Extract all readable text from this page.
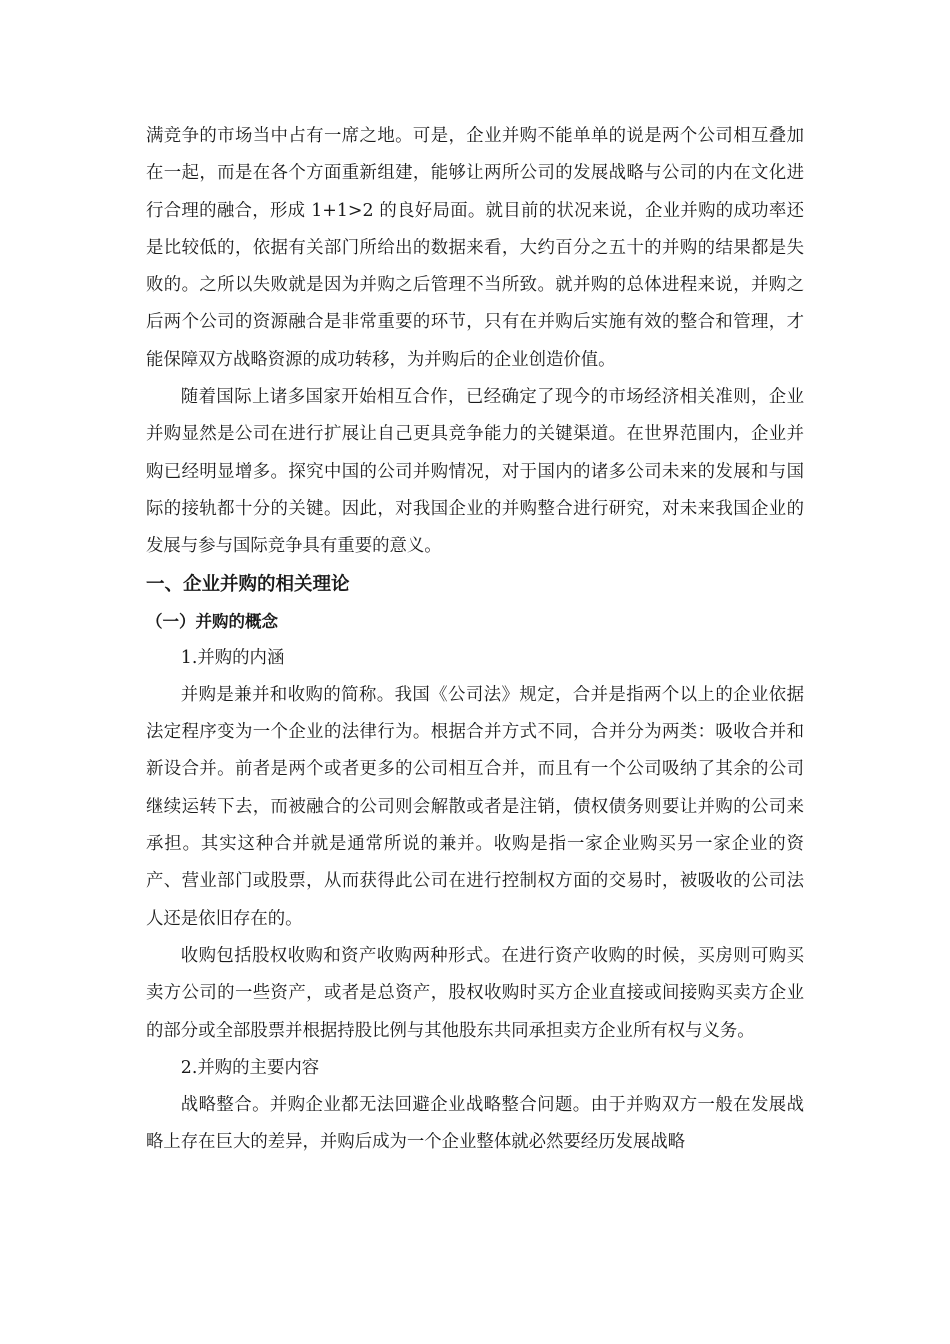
满竞争的市场当中占有一席之地。可是，企业并购不能单单的说是两个公司相互叠加在一起，而是在各个方面重新组建，能够让两所公司的发展战略与公司的内在文化进行合理的融合，形成 1+1>2 的良好局面。就目前的状况来说，企业并购的成功率还是比较低的，依据有关部门所给出的数据来看，大约百分之五十的并购的结果都是失败的。之所以失败就是因为并购之后管理不当所致。就并购的总体进程来说，并购之后两个公司的资源融合是非常重要的环节，只有在并购后实施有效的整合和管理，才能保障双方战略资源的成功转移，为并购后的企业创造价值。

随着国际上诸多国家开始相互合作，已经确定了现今的市场经济相关准则，企业并购显然是公司在进行扩展让自己更具竞争能力的关键渠道。在世界范围内，企业并购已经明显增多。探究中国的公司并购情况，对于国内的诸多公司未来的发展和与国际的接轨都十分的关键。因此，对我国企业的并购整合进行研究，对未来我国企业的发展与参与国际竞争具有重要的意义。

一、企业并购的相关理论

（一）并购的概念

1.并购的内涵

并购是兼并和收购的简称。我国《公司法》规定，合并是指两个以上的企业依据法定程序变为一个企业的法律行为。根据合并方式不同，合并分为两类：吸收合并和新设合并。前者是两个或者更多的公司相互合并，而且有一个公司吸纳了其余的公司继续运转下去，而被融合的公司则会解散或者是注销，债权债务则要让并购的公司来承担。其实这种合并就是通常所说的兼并。收购是指一家企业购买另一家企业的资产、营业部门或股票，从而获得此公司在进行控制权方面的交易时，被吸收的公司法人还是依旧存在的。

收购包括股权收购和资产收购两种形式。在进行资产收购的时候，买房则可购买卖方公司的一些资产，或者是总资产，股权收购时买方企业直接或间接购买卖方企业的部分或全部股票并根据持股比例与其他股东共同承担卖方企业所有权与义务。

2.并购的主要内容

战略整合。并购企业都无法回避企业战略整合问题。由于并购双方一般在发展战略上存在巨大的差异，并购后成为一个企业整体就必然要经历发展战略
